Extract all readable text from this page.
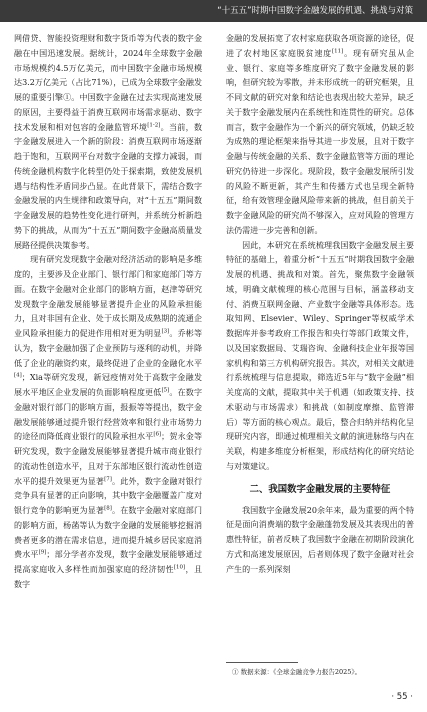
“十五五”时期中国数字金融发展的机遇、挑战与对策

网借贷、智能投资理财和数字货币等为代表的数字金融在中国迅速发展。据统计，2024年全球数字金融市场规模约4.5万亿美元，而中国数字金融市场规模达3.2万亿美元（占比71%），已成为全球数字金融发展的重要引擎①。中国数字金融在过去实现高速发展的原因，主要得益于消费互联网市场需求驱动、数字技术发展和相对包容的金融监管环境[1-2]。当前，数字金融发展进入一个新的阶段：消费互联网市场逐渐趋于饱和，互联网平台对数字金融的支撑力减弱，而传统金融机构数字化转型仍处于探索期，致使发展机遇与结构性矛盾同步凸显。在此背景下，需结合数字金融发展的内生规律和政策导向，对“十五五”期间数字金融发展的趋势性变化进行研判，并系统分析新趋势下的挑战，从而为“十五五”期间数字金融高质量发展路径提供决策参考。

现有研究发现数字金融对经济活动的影响是多维度的，主要涉及企业部门、银行部门和家庭部门等方面。在数字金融对企业部门的影响方面，赵津等研究发现数字金融发展能够显著提升企业的风险承担能力，且对非国有企业、处于成长期及成熟期的流通企业风险承担能力的促进作用相对更为明显[3]。乔彬等认为，数字金融加强了企业预防与逐利的动机，并降低了企业的融资约束，最终促进了企业的金融化水平[4]；Xia等研究发现，新冠疫情对处于高数字金融发展水平地区企业发展的负面影响程度更低[5]。在数字金融对银行部门的影响方面，报振等等提出，数字金融发展能够通过提升银行经营效率和银行业市场势力的途径而降低商业银行的风险承担水平[6]；贺永金等研究发现，数字金融发展能够显著提升城市商业银行的流动性创造水平，且对于东部地区银行流动性创造水平的提升效果更为显著[7]。此外，数字金融对银行竞争具有显著的正向影响，其中数字金融覆盖广度对银行竞争的影响更为显著[8]。在数字金融对家庭部门的影响方面，杨菡等认为数字金融的发展能够挖掘消费者更多的潜在需求信息，进而提升城乡居民家庭消费水平[9]；部分学者亦发现，数字金融发展能够通过提高家庭收入多样性而加强家庭的经济韧性[10]，且数字

金融的发展拓宽了农村家庭获取各项资源的途径，促进了农村地区家庭脱贫速度[11]。现有研究虽从企业、银行、家庭等多维度研究了数字金融发展的影响，但研究较为零散，并未形成统一的研究框架，且不同文献的研究对象和结论也表现出较大差异，缺乏关于数字金融发展内在系统性和连贯性的研究。总体而言，数字金融作为一个新兴的研究领域，仍缺乏较为成熟的理论框架来指导其进一步发展，且对于数字金融与传统金融的关系、数字金融监管等方面的理论研究仍待进一步深化。现阶段，数字金融发展所引发的风险不断更新，其产生和传播方式也呈现全新特征，给有效管理金融风险带来新的挑战，但目前关于数字金融风险的研究尚不够深入，应对风险的管理方法仍需进一步完善和创新。

因此，本研究在系统梳理我国数字金融发展主要特征的基础上，着重分析“十五五”时期我国数字金融发展的机遇、挑战和对策。首先，聚焦数字金融领域，明确文献梳理的核心范围与目标，涵盖移动支付、消费互联网金融、产业数字金融等具体形态。选取知网、Elsevier、Wiley、Springer等权威学术数据库并参考政府工作报告和央行等部门政策文件，以及国家数据局、艾瑞咨询、金融科技企业年报等国家机构和第三方机构研究报告。其次，对相关文献进行系统梳理与信息提取，筛选近5年与“数字金融”相关度高的文献，提取其中关于机遇（如政策支持、技术驱动与市场需求）和挑战（如制度摩擦、监管滞后）等方面的核心观点。最后，整合归纳并结构化呈现研究内容，即通过梳理相关文献的演进脉络与内在关联，构建多维度分析框架，形成结构化的研究结论与对策建议。

二、我国数字金融发展的主要特征

我国数字金融发展20余年来，最为重要的两个特征是面向消费端的数字金融蓬勃发展及其表现出的普惠性特征，前者反映了我国数字金融在初期阶段演化方式和高速发展原因，后者则体现了数字金融对社会产生的一系列深刻

① 数据来源：《全球金融竞争力报告2025》。
· 55 ·
